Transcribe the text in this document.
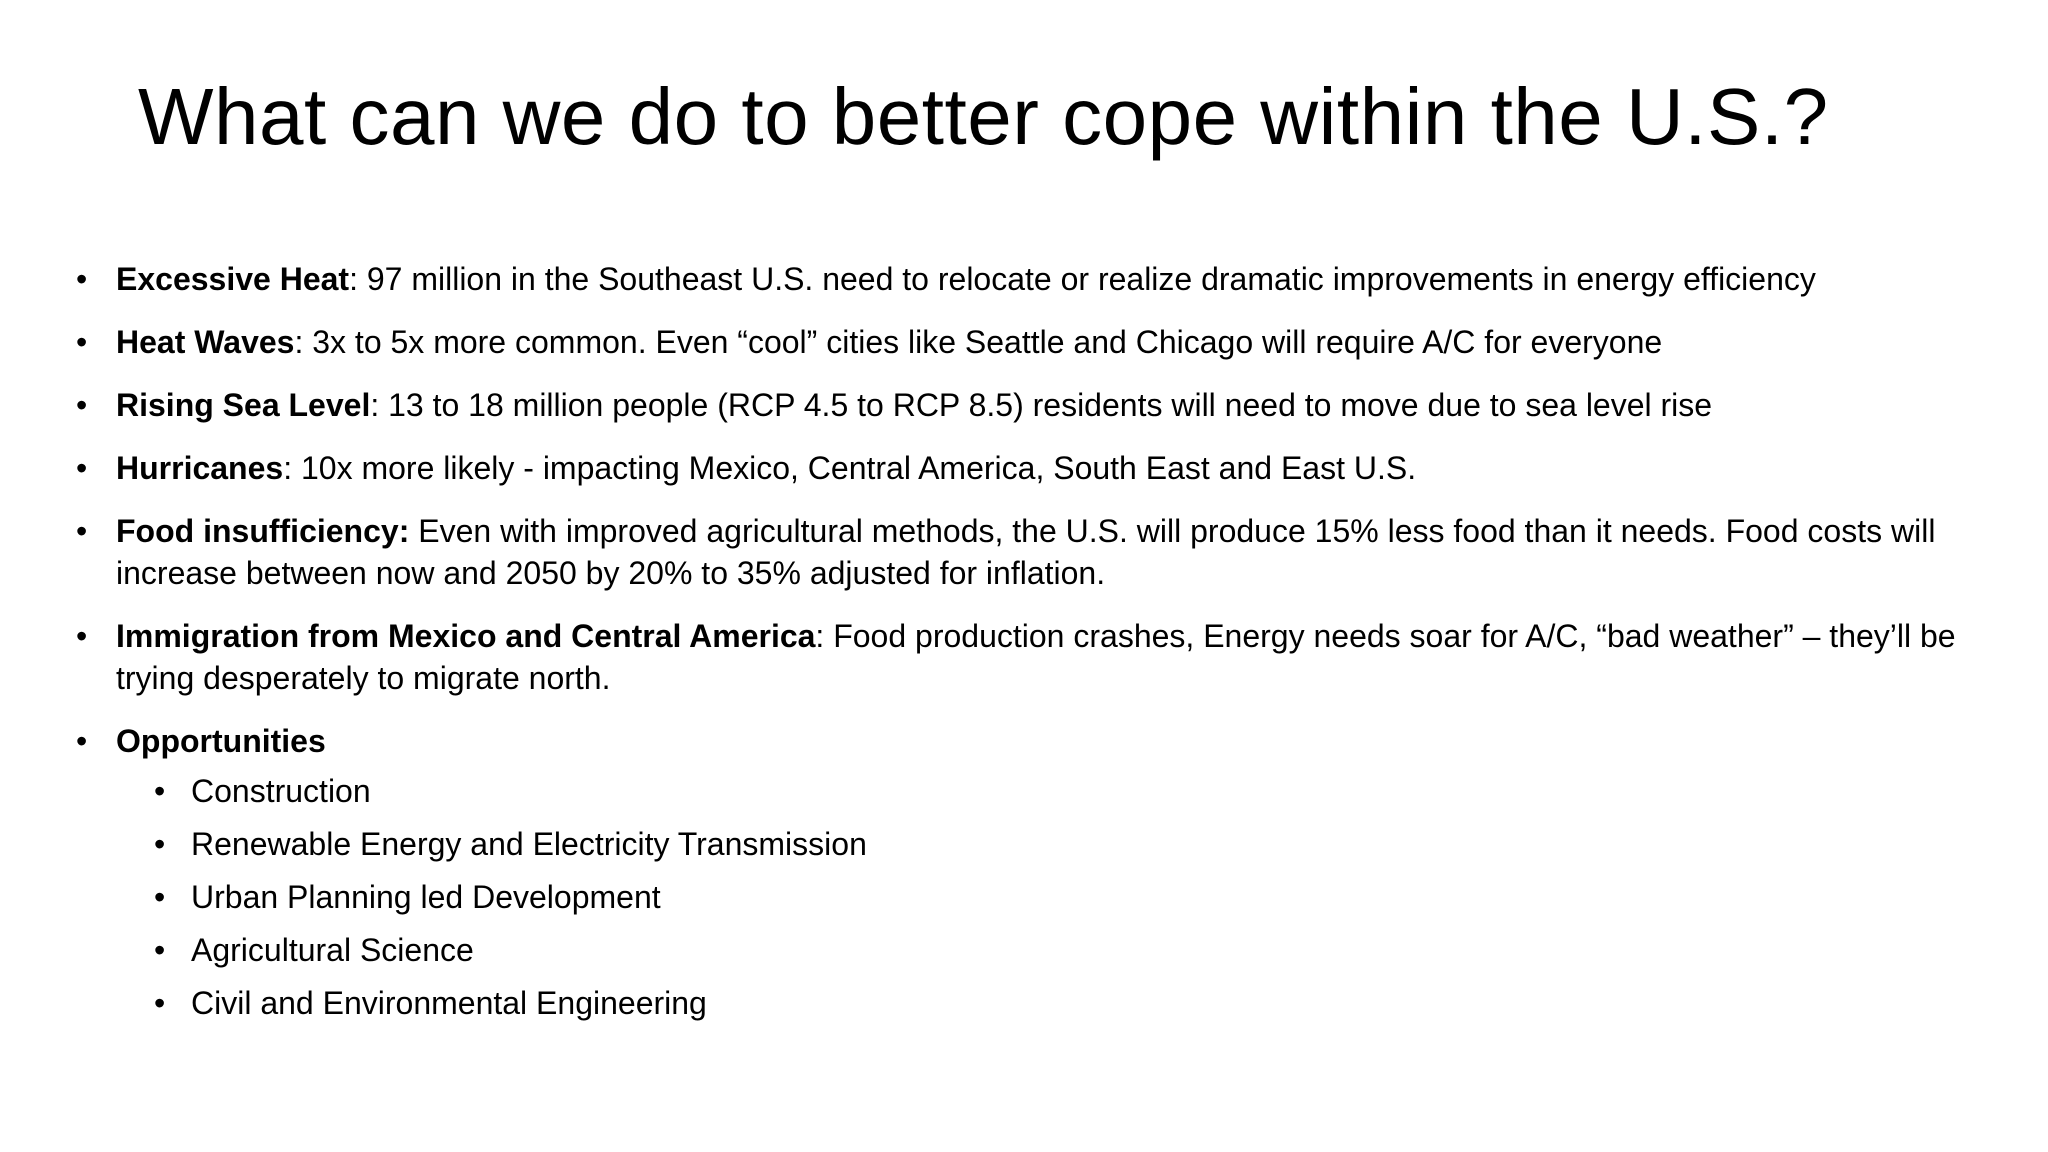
What can we do to better cope within the U.S.?
• Excessive Heat: 97 million in the Southeast U.S. need to relocate or realize dramatic improvements in energy efficiency
• Heat Waves: 3x to 5x more common. Even “cool” cities like Seattle and Chicago will require A/C for everyone
• Rising Sea Level: 13 to 18 million people (RCP 4.5 to RCP 8.5) residents will need to move due to sea level rise
• Hurricanes: 10x more likely - impacting Mexico, Central America, South East and East U.S.
• Food insufficiency: Even with improved agricultural methods, the U.S. will produce 15% less food than it needs. Food costs will increase between now and 2050 by 20% to 35% adjusted for inflation.
• Immigration from Mexico and Central America: Food production crashes, Energy needs soar for A/C, “bad weather” – they’ll be trying desperately to migrate north.
• Opportunities
• Construction
• Renewable Energy and Electricity Transmission
• Urban Planning led Development
• Agricultural Science
• Civil and Environmental Engineering
